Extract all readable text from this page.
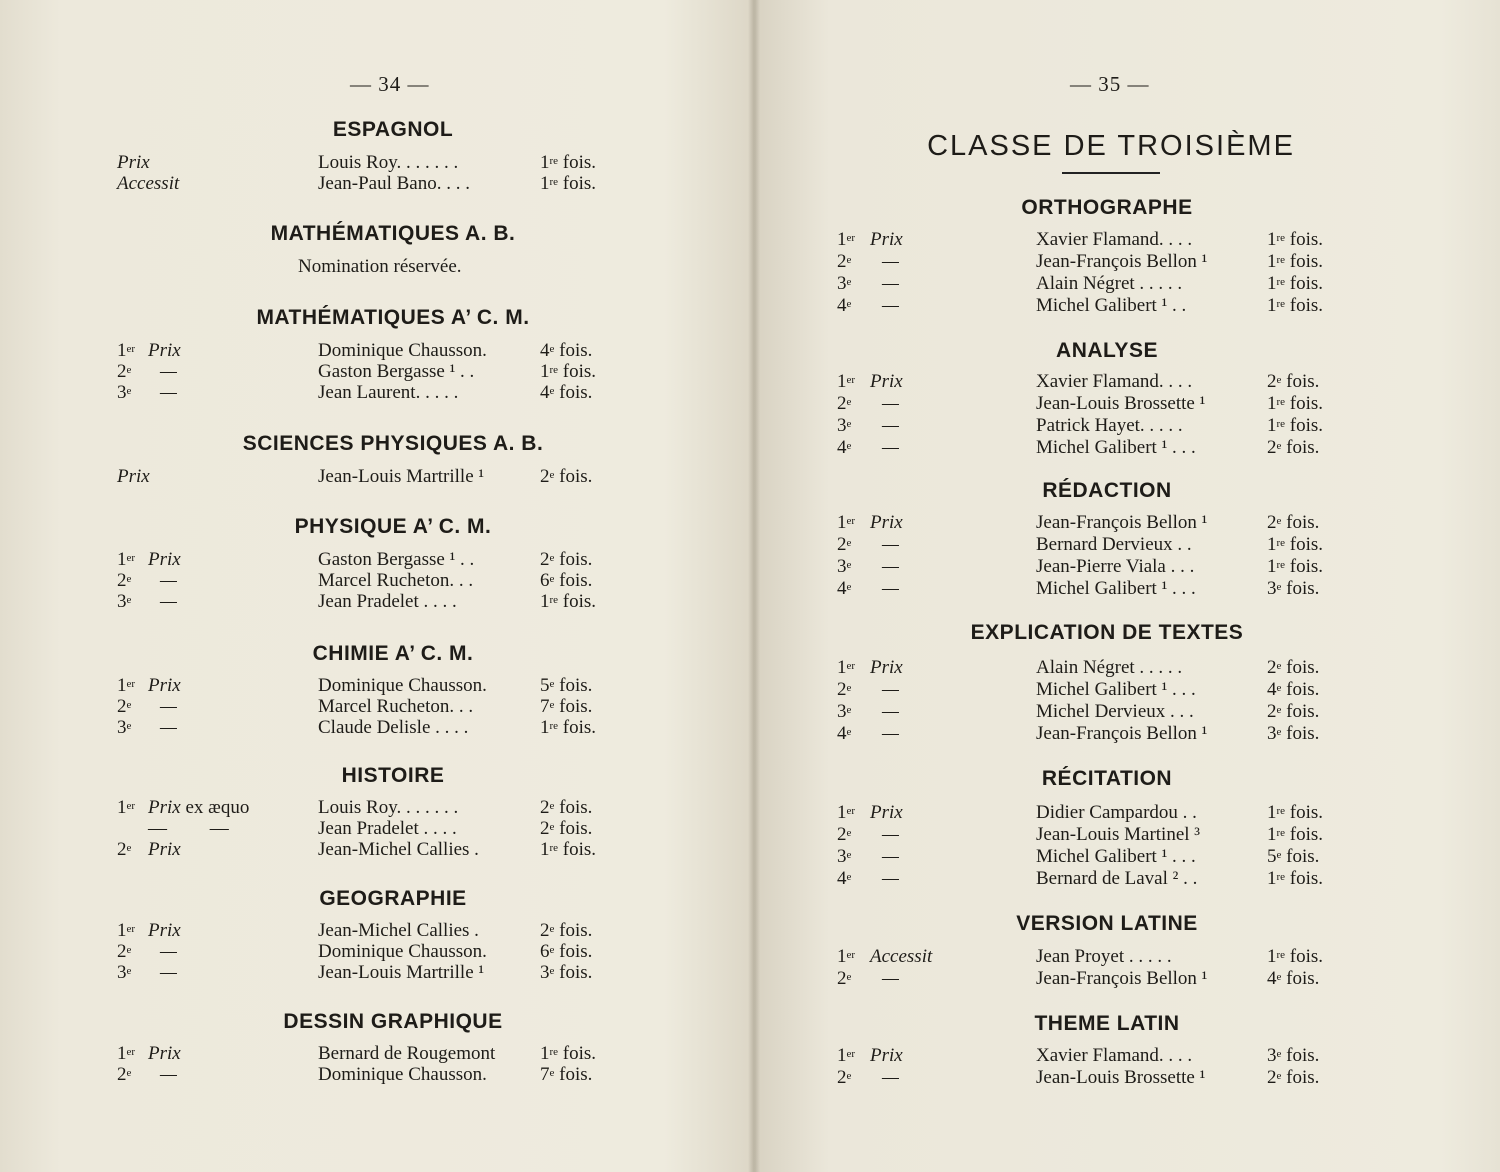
— 34 —
ESPAGNOL
Prix	Louis Roy. . . . . . .	1re fois.
Accessit	Jean-Paul Bano. . . .	1re fois.
MATHÉMATIQUES A. B.
Nomination réservée.
MATHÉMATIQUES A’ C. M.
1er Prix	Dominique Chausson.	4e fois.
2e —	Gaston Bergasse ¹ . .	1re fois.
3e —	Jean Laurent. . . . .	4e fois.
SCIENCES PHYSIQUES A. B.
Prix	Jean-Louis Martrille ¹	2e fois.
PHYSIQUE A’ C. M.
1er Prix	Gaston Bergasse ¹ . .	2e fois.
2e —	Marcel Rucheton. . .	6e fois.
3e —	Jean Pradelet . . . .	1re fois.
CHIMIE A’ C. M.
1er Prix	Dominique Chausson.	5e fois.
2e —	Marcel Rucheton. . .	7e fois.
3e —	Claude Delisle . . . .	1re fois.
HISTOIRE
1er Prix ex æquo	Louis Roy. . . . . . .	2e fois.
—         —	Jean Pradelet . . . .	2e fois.
2e Prix	Jean-Michel Callies .	1re fois.
GEOGRAPHIE
1er Prix	Jean-Michel Callies .	2e fois.
2e —	Dominique Chausson.	6e fois.
3e —	Jean-Louis Martrille ¹	3e fois.
DESSIN GRAPHIQUE
1er Prix	Bernard de Rougemont 1re fois.
2e —	Dominique Chausson.	7e fois.
— 35 —
CLASSE DE TROISIÈME
ORTHOGRAPHE
1er Prix	Xavier Flamand. . . .	1re fois.
2e —	Jean-François Bellon ¹	1re fois.
3e —	Alain Négret . . . . .	1re fois.
4e —	Michel Galibert ¹ . .	1re fois.
ANALYSE
1er Prix	Xavier Flamand. . . .	2e fois.
2e —	Jean-Louis Brossette ¹	1re fois.
3e —	Patrick Hayet. . . . .	1re fois.
4e —	Michel Galibert ¹ . . .	2e fois.
RÉDACTION
1er Prix	Jean-François Bellon ¹	2e fois.
2e —	Bernard Dervieux . .	1re fois.
3e —	Jean-Pierre Viala . . .	1re fois.
4e —	Michel Galibert ¹ . . .	3e fois.
EXPLICATION DE TEXTES
1er Prix	Alain Négret . . . . .	2e fois.
2e —	Michel Galibert ¹ . . .	4e fois.
3e —	Michel Dervieux . . .	2e fois.
4e —	Jean-François Bellon ¹	3e fois.
RÉCITATION
1er Prix	Didier Campardou . .	1re fois.
2e —	Jean-Louis Martinel ³	1re fois.
3e —	Michel Galibert ¹ . . .	5e fois.
4e —	Bernard de Laval ² . .	1re fois.
VERSION LATINE
1er Accessit	Jean Proyet . . . . .	1re fois.
2e —	Jean-François Bellon ¹	4e fois.
THEME LATIN
1er Prix	Xavier Flamand. . . .	3e fois.
2e —	Jean-Louis Brossette ¹	2e fois.
